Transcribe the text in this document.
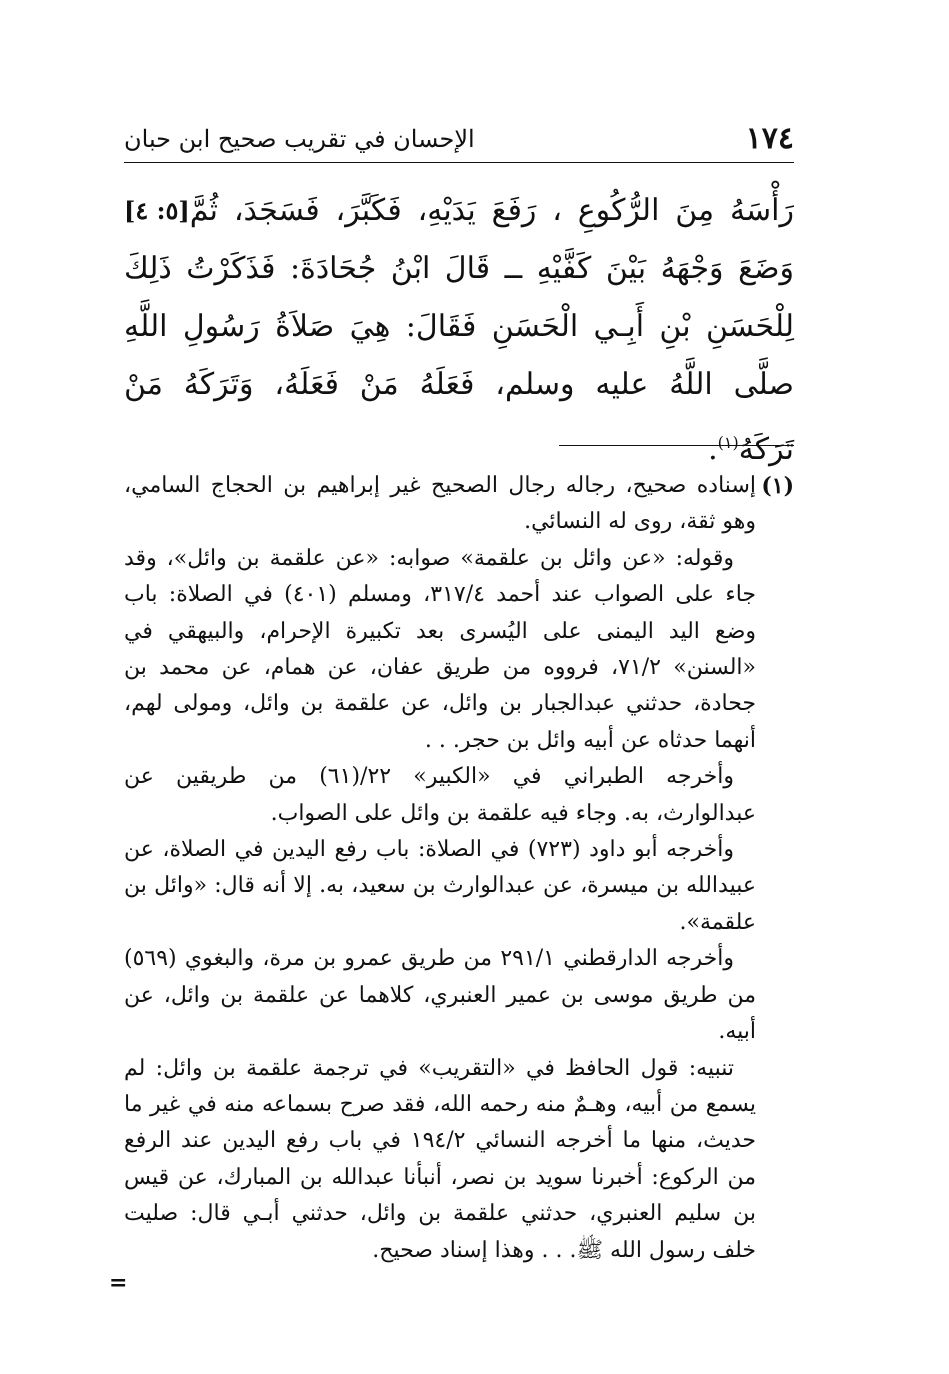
١٧٤
الإحسان في تقريب صحيح ابن حبان
[٥: ٤] رَأْسَهُ مِنَ الرُّكُوعِ ، رَفَعَ يَدَيْهِ، فَكَبَّرَ، فَسَجَدَ، ثُمَّ وَضَعَ وَجْهَهُ بَيْنَ كَفَّيْهِ ــ قَالَ ابْنُ جُحَادَةَ: فَذَكَرْتُ ذَلِكَ لِلْحَسَنِ بْنِ أَبِـي الْحَسَنِ فَقَالَ: هِيَ صَلاَةُ رَسُولِ اللَّهِ صلَّى اللَّهُ عليه وسلم، فَعَلَهُ مَنْ فَعَلَهُ، وَتَرَكَهُ مَنْ تَرَكَهُ$^{(١)}$.

(١)
إسناده صحيح، رجاله رجال الصحيح غير إبراهيم بن الحجاج السامي، وهو ثقة، روى له النسائي.

وقوله: «عن وائل بن علقمة» صوابه: «عن علقمة بن وائل»، وقد جاء على الصواب عند أحمد ٣١٧/٤، ومسلم (٤٠١) في الصلاة: باب وضع اليد اليمنى على اليُسرى بعد تكبيرة الإحرام، والبيهقي في «السنن» ٧١/٢، فرووه من طريق عفان، عن همام، عن محمد بن جحادة، حدثني عبدالجبار بن وائل، عن علقمة بن وائل، ومولى لهم، أنهما حدثاه عن أبيه وائل بن حجر. . .

وأخرجه الطبراني في «الكبير» ٢٢/(٦١) من طريقين عن عبدالوارث، به. وجاء فيه علقمة بن وائل على الصواب.

وأخرجه أبو داود (٧٢٣) في الصلاة: باب رفع اليدين في الصلاة، عن عبيدالله بن ميسرة، عن عبدالوارث بن سعيد، به. إلا أنه قال: «وائل بن علقمة».

وأخرجه الدارقطني ٢٩١/١ من طريق عمرو بن مرة، والبغوي (٥٦٩) من طريق موسى بن عمير العنبري، كلاهما عن علقمة بن وائل، عن أبيه.

تنبيه: قول الحافظ في «التقريب» في ترجمة علقمة بن وائل: لم يسمع من أبيه، وهـمٌ منه رحمه الله، فقد صرح بسماعه منه في غير ما حديث، منها ما أخرجه النسائي ١٩٤/٢ في باب رفع اليدين عند الرفع من الركوع: أخبرنا سويد بن نصر، أنبأنا عبدالله بن المبارك، عن قيس بن سليم العنبري، حدثني علقمة بن وائل، حدثني أبـي قال: صليت خلف رسول الله ﷺ. . . وهذا إسناد صحيح.

=
